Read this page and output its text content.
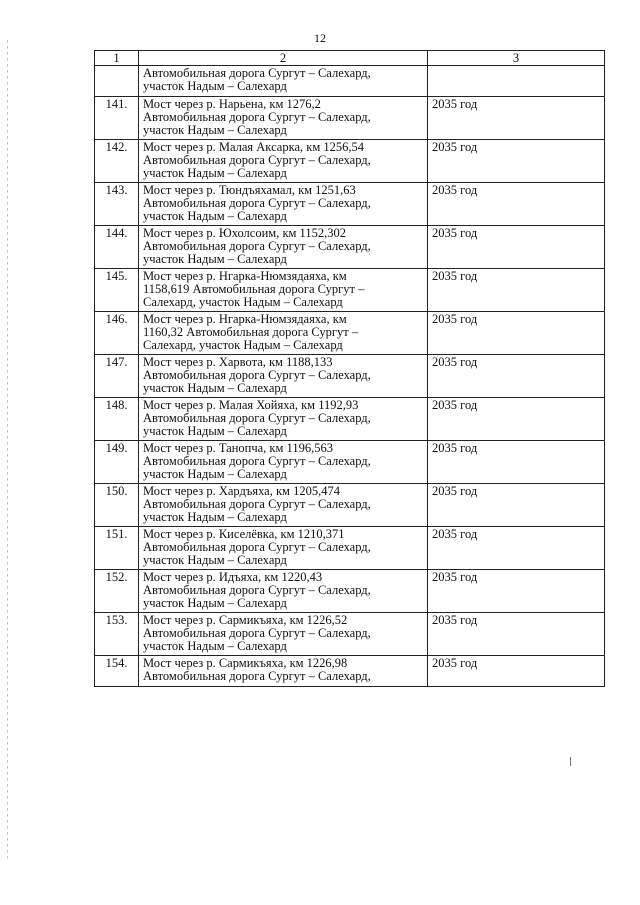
12
1	2	3
	Автомобильная дорога Сургут – Салехард,
участок Надым – Салехард	
141.	Мост через р. Нарьена, км 1276,2
Автомобильная дорога Сургут – Салехард,
участок Надым – Салехард	2035 год
142.	Мост через р. Малая Аксарка, км 1256,54
Автомобильная дорога Сургут – Салехард,
участок Надым – Салехард	2035 год
143.	Мост через р. Тюндъяхамал, км 1251,63
Автомобильная дорога Сургут – Салехард,
участок Надым – Салехард	2035 год
144.	Мост через р. Юхолсоим, км 1152,302
Автомобильная дорога Сургут – Салехард,
участок Надым – Салехард	2035 год
145.	Мост через р. Нгарка-Нюмзядаяха, км
1158,619 Автомобильная дорога Сургут –
Салехард, участок Надым – Салехард	2035 год
146.	Мост через р. Нгарка-Нюмзядаяха, км
1160,32 Автомобильная дорога Сургут –
Салехард, участок Надым – Салехард	2035 год
147.	Мост через р. Харвота, км 1188,133
Автомобильная дорога Сургут – Салехард,
участок Надым – Салехард	2035 год
148.	Мост через р. Малая Хойяха, км 1192,93
Автомобильная дорога Сургут – Салехард,
участок Надым – Салехард	2035 год
149.	Мост через р. Танопча, км 1196,563
Автомобильная дорога Сургут – Салехард,
участок Надым – Салехард	2035 год
150.	Мост через р. Хардъяха, км 1205,474
Автомобильная дорога Сургут – Салехард,
участок Надым – Салехард	2035 год
151.	Мост через р. Киселёвка, км 1210,371
Автомобильная дорога Сургут – Салехард,
участок Надым – Салехард	2035 год
152.	Мост через р. Идъяха, км 1220,43
Автомобильная дорога Сургут – Салехард,
участок Надым – Салехард	2035 год
153.	Мост через р. Сармикъяха, км 1226,52
Автомобильная дорога Сургут – Салехард,
участок Надым – Салехард	2035 год
154.	Мост через р. Сармикъяха, км 1226,98
Автомобильная дорога Сургут – Салехард,	2035 год
